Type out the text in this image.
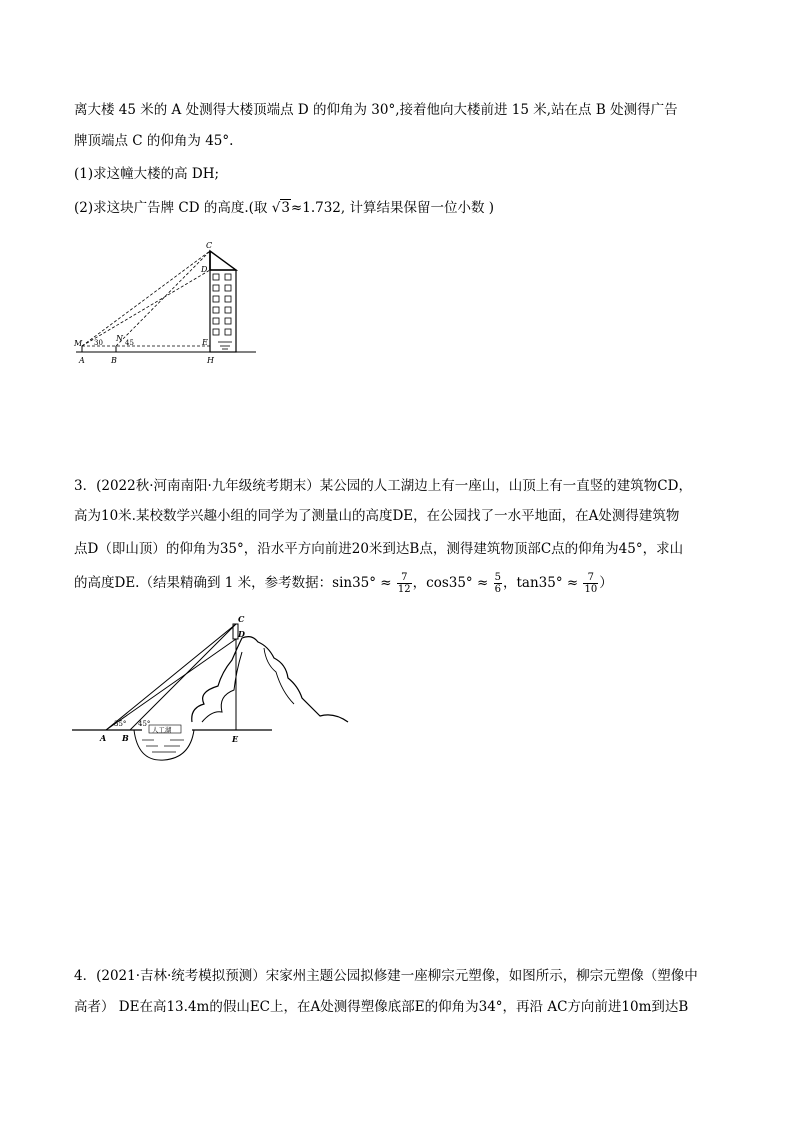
离大楼 45 米的 A 处测得大楼顶端点 D 的仰角为 30°,接着他向大楼前进 15 米,站在点 B 处测得广告
牌顶端点 C 的仰角为 45°.
(1)求这幢大楼的高 DH;
(2)求这块广告牌 CD 的高度.(取 √3≈1.732, 计算结果保留一位小数 )
C
D
N
M 30	45	E
A	B	H
3．(2022秋·河南南阳·九年级统考期末）某公园的人工湖边上有一座山，山顶上有一直竖的建筑物CD，
高为10米.某校数学兴趣小组的同学为了测量山的高度DE，在公园找了一水平地面，在A处测得建筑物
点D（即山顶）的仰角为35°，沿水平方向前进20米到达B点，测得建筑物顶部C点的仰角为45°，求山
的高度DE.（结果精确到 1 米，参考数据：$\sin 35^\circ \approx \frac{7}{12}$ ，$\cos 35^\circ \approx \frac{5}{6}$ ，$\tan 35^\circ \approx \frac{7}{10}$ ）
人工湖
C
D
35° 45°
A B	E
4．(2021·吉林·统考模拟预测）宋家州主题公园拟修建一座柳宗元塑像，如图所示，柳宗元塑像（塑像中
高者） DE在高13.4m的假山EC上，在A处测得塑像底部E的仰角为34°，再沿 AC方向前进10m到达B
